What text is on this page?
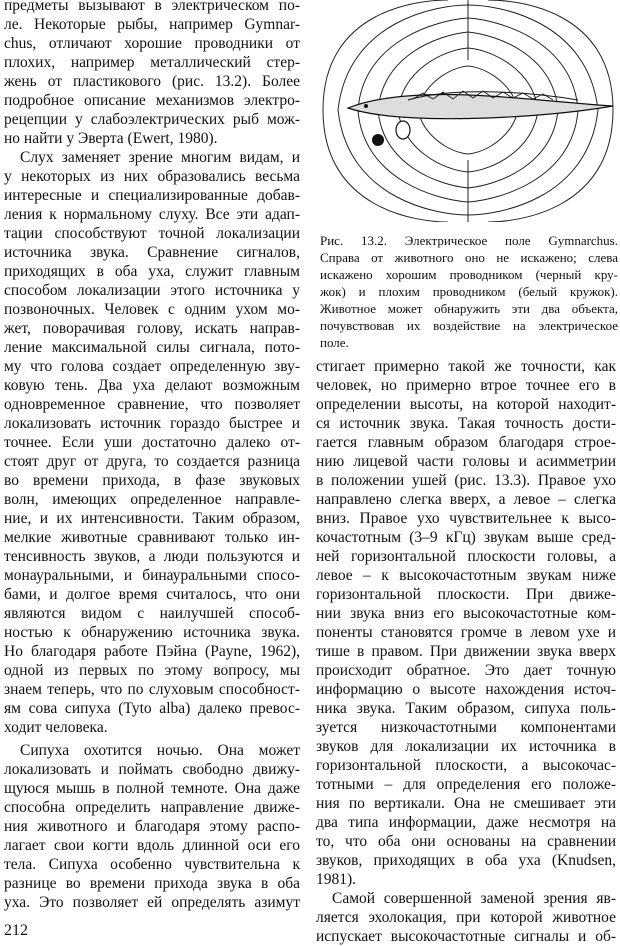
предметы вызывают в электрическом по-
ле. Некоторые рыбы, например Gymnar-
chus, отличают хорошие проводники от
плохих, например металлический стер-
жень от пластикового (рис. 13.2). Более
подробное описание механизмов электро-
рецепции у слабоэлектрических рыб мож-
но найти у Эверта (Ewert, 1980).
Слух заменяет зрение многим видам, и
у некоторых из них образовались весьма
интересные и специализированные добав-
ления к нормальному слуху. Все эти адап-
тации способствуют точной локализации
источника звука. Сравнение сигналов,
приходящих в оба уха, служит главным
способом локализации этого источника у
позвоночных. Человек с одним ухом мо-
жет, поворачивая голову, искать направ-
ление максимальной силы сигнала, пото-
му что голова создает определенную зву-
ковую тень. Два уха делают возможным
одновременное сравнение, что позволяет
локализовать источник гораздо быстрее и
точнее. Если уши достаточно далеко от-
стоят друг от друга, то создается разница
во времени прихода, в фазе звуковых
волн, имеющих определенное направле-
ние, и их интенсивности. Таким образом,
мелкие животные сравнивают только ин-
тенсивность звуков, а люди пользуются и
монауральными, и бинауральными спосо-
бами, и долгое время считалось, что они
являются видом с наилучшей способ-
ностью к обнаружению источника звука.
Но благодаря работе Пэйна (Payne, 1962),
одной из первых по этому вопросу, мы
знаем теперь, что по слуховым способност-
ям сова сипуха (Tyto alba) далеко превос-
ходит человека.
Сипуха охотится ночью. Она может
локализовать и поймать свободно движу-
щуюся мышь в полной темноте. Она даже
способна определить направление движе-
ния животного и благодаря этому распо-
лагает свои когти вдоль длинной оси его
тела. Сипуха особенно чувствительна к
разнице во времени прихода звука в оба
уха. Это позволяет ей определять азимут
Рис. 13.2. Электрическое поле Gymnarchus.
Справа от животного оно не искажено; слева
искажено хорошим проводником (черный кру-
жок) и плохим проводником (белый кружок).
Животное может обнаружить эти два объекта,
почувствовав их воздействие на электрическое
поле.
стигает примерно такой же точности, как
человек, но примерно втрое точнее его в
определении высоты, на которой находит-
ся источник звука. Такая точность дости-
гается главным образом благодаря строе-
нию лицевой части головы и асимметрии
в положении ушей (рис. 13.3). Правое ухо
направлено слегка вверх, а левое – слегка
вниз. Правое ухо чувствительнее к высо-
кочастотным (3–9 кГц) звукам выше сред-
ней горизонтальной плоскости головы, а
левое – к высокочастотным звукам ниже
горизонтальной плоскости. При движе-
нии звука вниз его высокочастотные ком-
поненты становятся громче в левом ухе и
тише в правом. При движении звука вверх
происходит обратное. Это дает точную
информацию о высоте нахождения источ-
ника звука. Таким образом, сипуха поль-
зуется низкочастотными компонентами
звуков для локализации их источника в
горизонтальной плоскости, а высокочас-
тотными – для определения его положе-
ния по вертикали. Она не смешивает эти
два типа информации, даже несмотря на
то, что оба они основаны на сравнении
звуков, приходящих в оба уха (Knudsen,
1981).
Самой совершенной заменой зрения яв-
ляется эхолокация, при которой животное
испускает высокочастотные сигналы и об-
212
